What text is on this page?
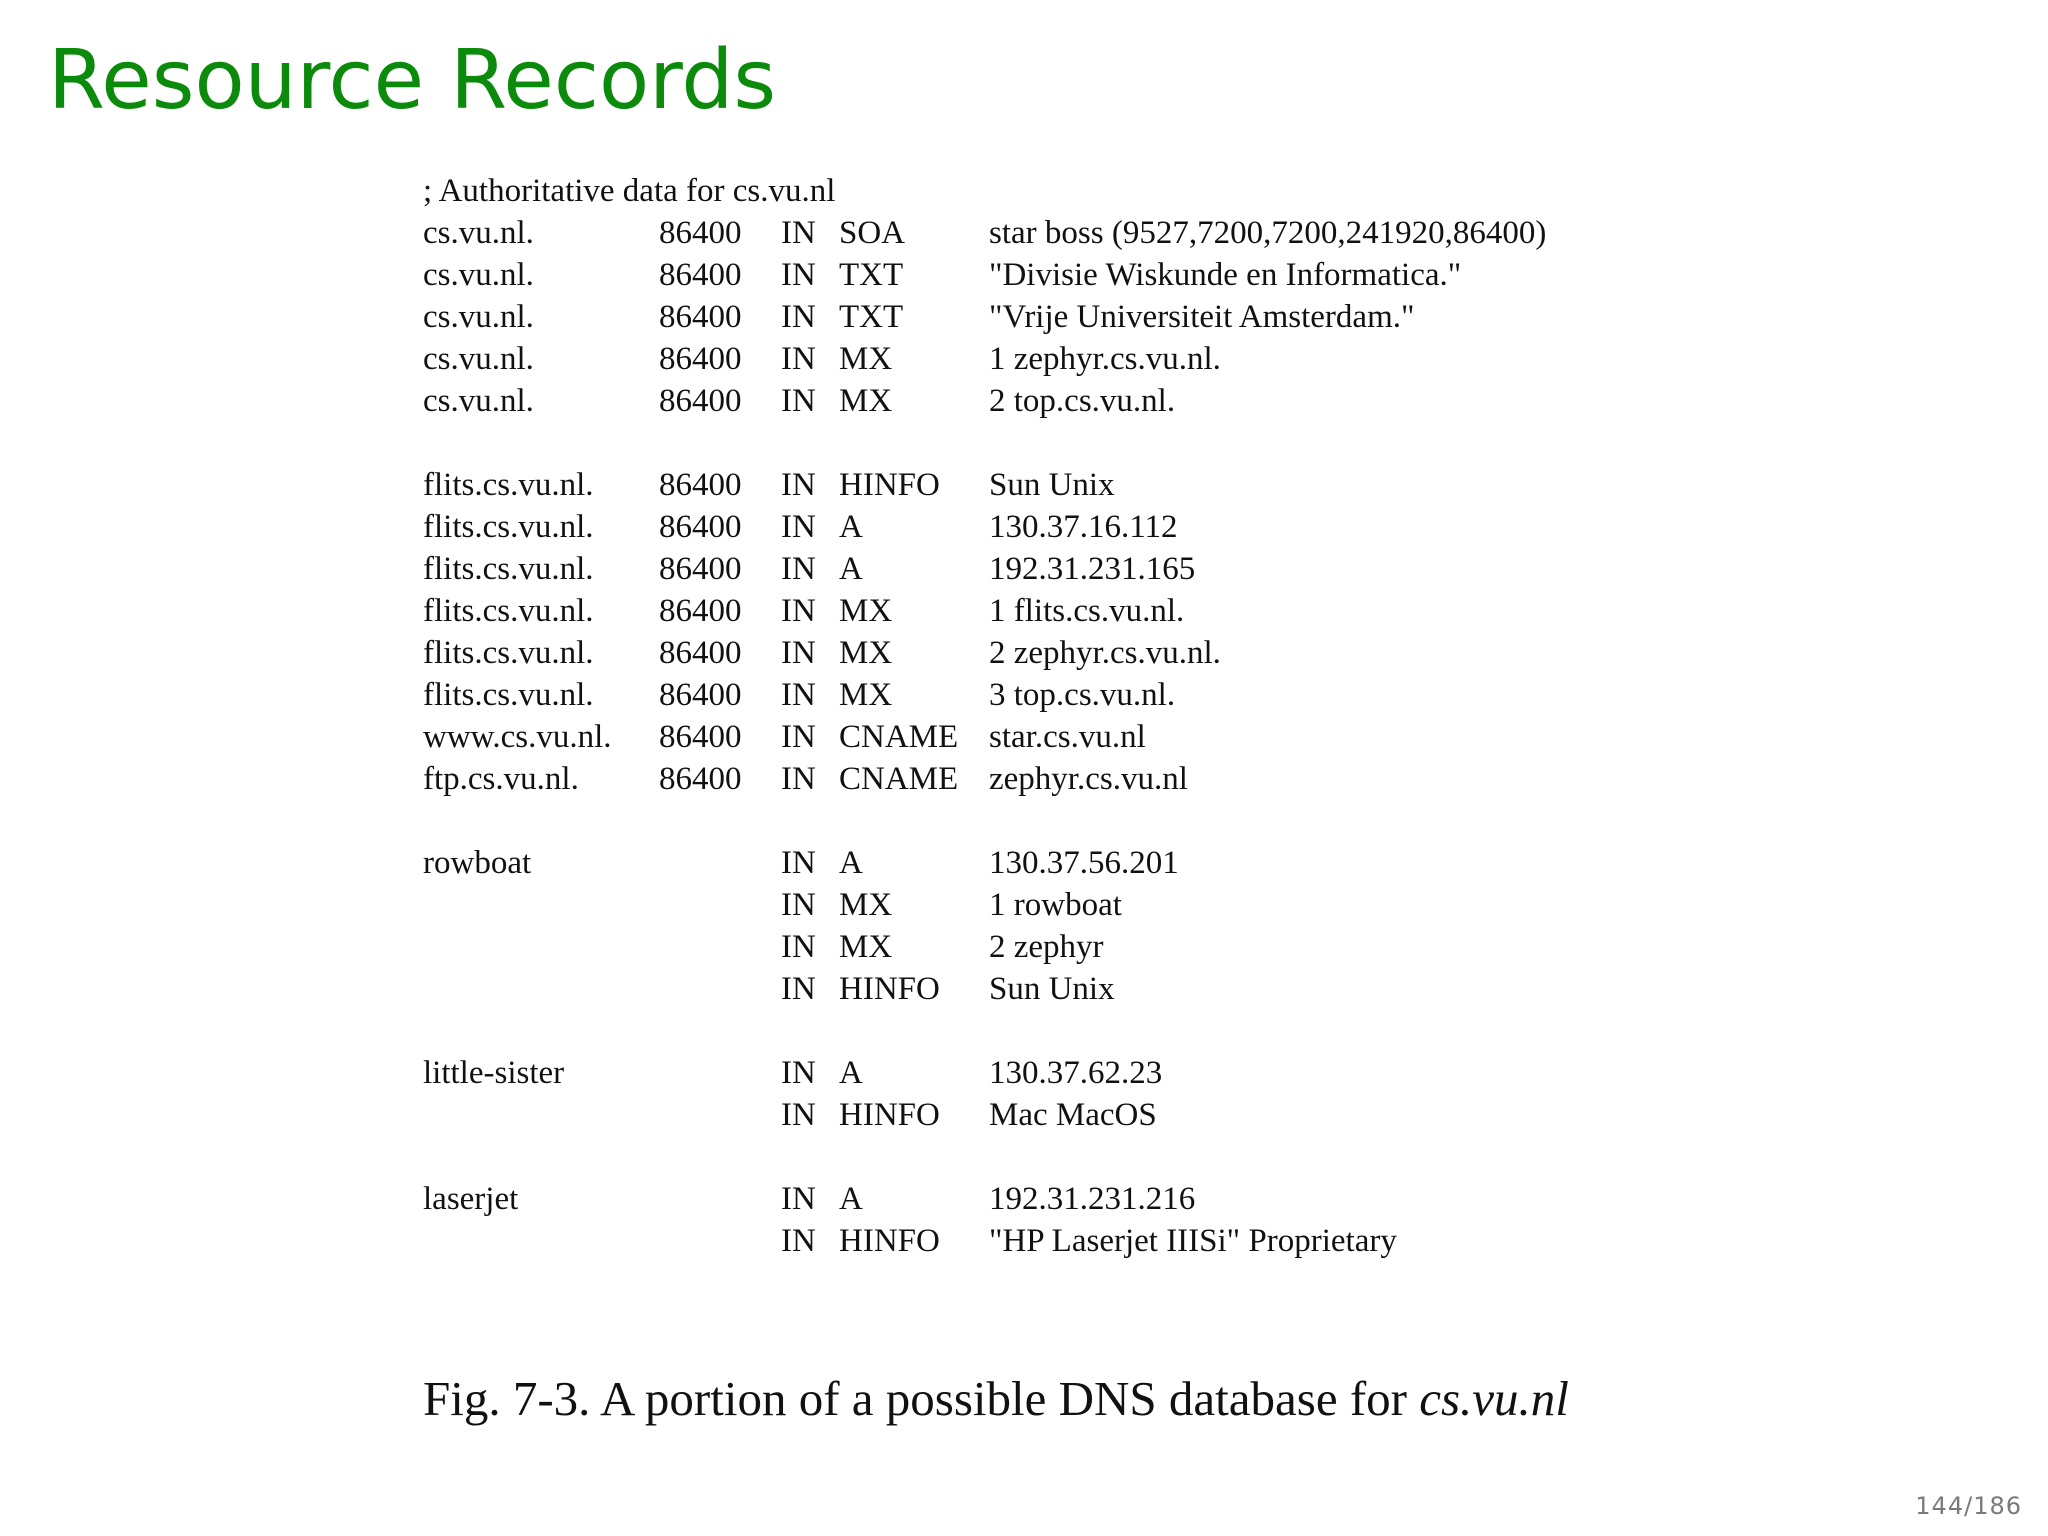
Resource Records
; Authoritative data for cs.vu.nl
cs.vu.nl.	86400 IN SOA	star boss (9527,7200,7200,241920,86400)
cs.vu.nl.	86400 IN TXT	"Divisie Wiskunde en Informatica."
cs.vu.nl.	86400 IN TXT	"Vrije Universiteit Amsterdam."
cs.vu.nl.	86400 IN MX	1 zephyr.cs.vu.nl.
cs.vu.nl.	86400 IN MX	2 top.cs.vu.nl.
flits.cs.vu.nl. 86400 IN HINFO Sun Unix
flits.cs.vu.nl. 86400 IN A	130.37.16.112
flits.cs.vu.nl. 86400 IN A	192.31.231.165
flits.cs.vu.nl. 86400 IN MX	1 flits.cs.vu.nl.
flits.cs.vu.nl. 86400 IN MX	2 zephyr.cs.vu.nl.
flits.cs.vu.nl. 86400 IN MX	3 top.cs.vu.nl.
www.cs.vu.nl. 86400 IN CNAME star.cs.vu.nl
ftp.cs.vu.nl. 86400 IN CNAME zephyr.cs.vu.nl
rowboat	IN A	130.37.56.201
IN MX	1 rowboat
IN MX	2 zephyr
IN HINFO Sun Unix
little-sister	IN A	130.37.62.23
IN HINFO Mac MacOS
laserjet	IN A	192.31.231.216
IN HINFO "HP Laserjet IIISi" Proprietary
Fig. 7-3. A portion of a possible DNS database for cs.vu.nl
144/186
